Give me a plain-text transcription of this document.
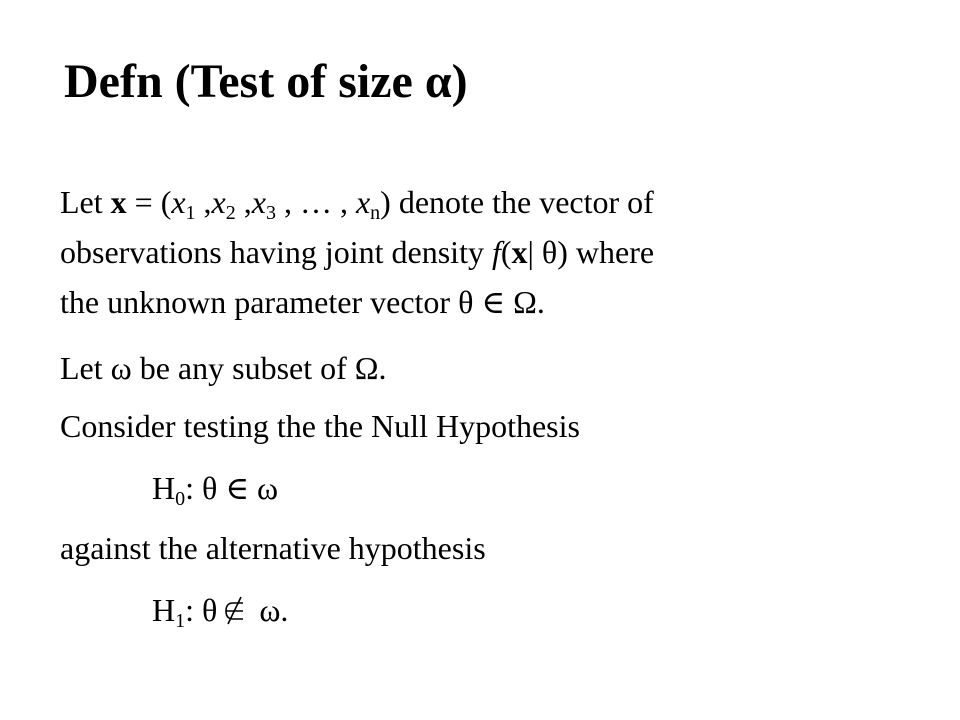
Defn (Test of size α)
Let $x = (x_1$ $,x_2$ $,x_3$ , … , $x_n$) denote the vector of
observations having joint density f(x| θ) where
the unknown parameter vector θ ∈ Ω.
Let ω be any subset of Ω.
Consider testing the the Null Hypothesis
$H_0$: θ ∈ ω
against the alternative hypothesis
$H_1$: θ
ω.
